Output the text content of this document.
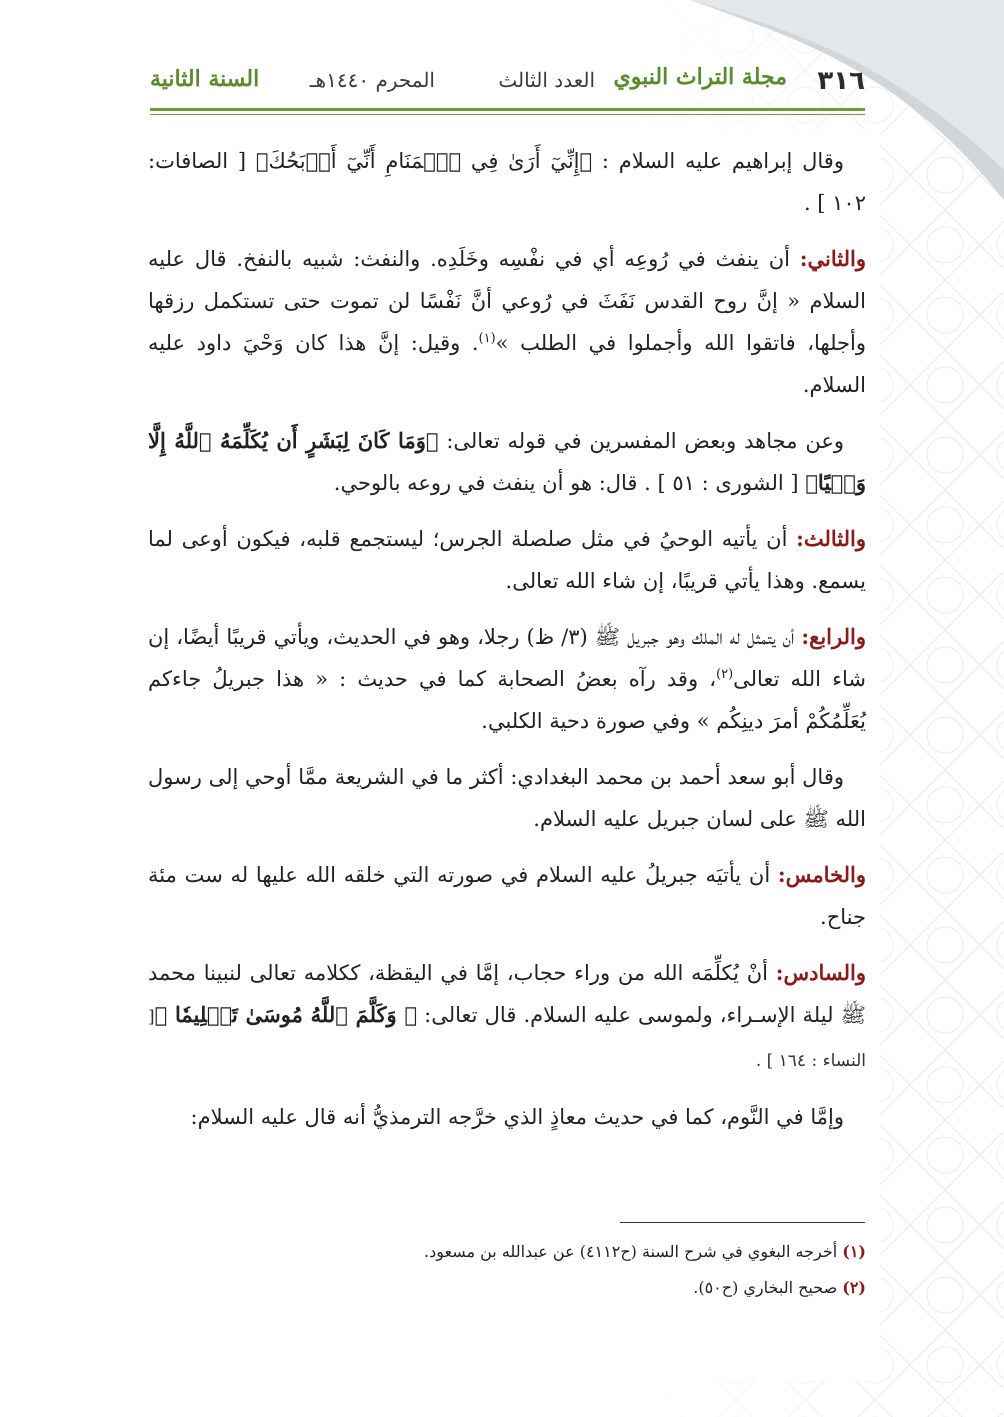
٣١٦
مجلة التراث النبوي
العدد الثالث
المحرم ١٤٤٠هـ
السنة الثانية

وقال إبراهيم عليه السلام : ﴿إِنِّيٓ أَرَىٰ فِي ٱلۡمَنَامِ أَنِّيٓ أَذۡبَحُكَ﴾ [ الصافات: ١٠٢ ] .

والثاني: أن ينفث في رُوعِه أي في نفْسِه وخَلَدِه. والنفث: شبيه بالنفخ. قال عليه السلام « إنَّ روح القدس نَفَثَ في رُوعي أنَّ نَفْسًا لن تموت حتى تستكمل رزقها وأجلها، فاتقوا الله وأجملوا في الطلب »$^{(١)}$. وقيل: إنَّ هذا كان وَحْيَ داود عليه السلام.

وعن مجاهد وبعض المفسرين في قوله تعالى: ﴿وَمَا كَانَ لِبَشَرٍ أَن يُكَلِّمَهُ ٱللَّهُ إِلَّا وَحۡيًا﴾ [ الشورى : ٥١ ] . قال: هو أن ينفث في روعه بالوحي.

والثالث: أن يأتيه الوحيُ في مثل صلصلة الجرس؛ ليستجمع قلبه، فيكون أوعى لما يسمع. وهذا يأتي قريبًا، إن شاء الله تعالى.

والرابع: أن يتمثل له الملك وهو جبريل ﷺ (٣/ ظ) رجلا، وهو في الحديث، ويأتي قريبًا أيضًا، إن شاء الله تعالى$^{(٢)}$، وقد رآه بعضُ الصحابة كما في حديث : « هذا جبريلُ جاءكم يُعَلِّمُكُمْ أمرَ دينِكُم » وفي صورة دحية الكلبي.

وقال أبو سعد أحمد بن محمد البغدادي: أكثر ما في الشريعة ممَّا أوحي إلى رسول الله ﷺ على لسان جبريل عليه السلام.

والخامس: أن يأتيَه جبريلُ عليه السلام في صورته التي خلقه الله عليها له ست مئة جناح.

والسادس: أنْ يُكلِّمَه الله من وراء حجاب، إمَّا في اليقظة، ككلامه تعالى لنبينا محمد ﷺ ليلة الإسـراء، ولموسى عليه السلام. قال تعالى: ﴿ وَكَلَّمَ ٱللَّهُ مُوسَىٰ تَكۡلِيمٗا ﴾[ النساء : ١٦٤ ] .

وإمَّا في النَّوم، كما في حديث معاذٍ الذي خرَّجه الترمذيُّ أنه قال عليه السلام:

(١) أخرجه البغوي في شرح السنة (ح٤١١٢) عن عبدالله بن مسعود.

(٢) صحيح البخاري (ح٥٠).
